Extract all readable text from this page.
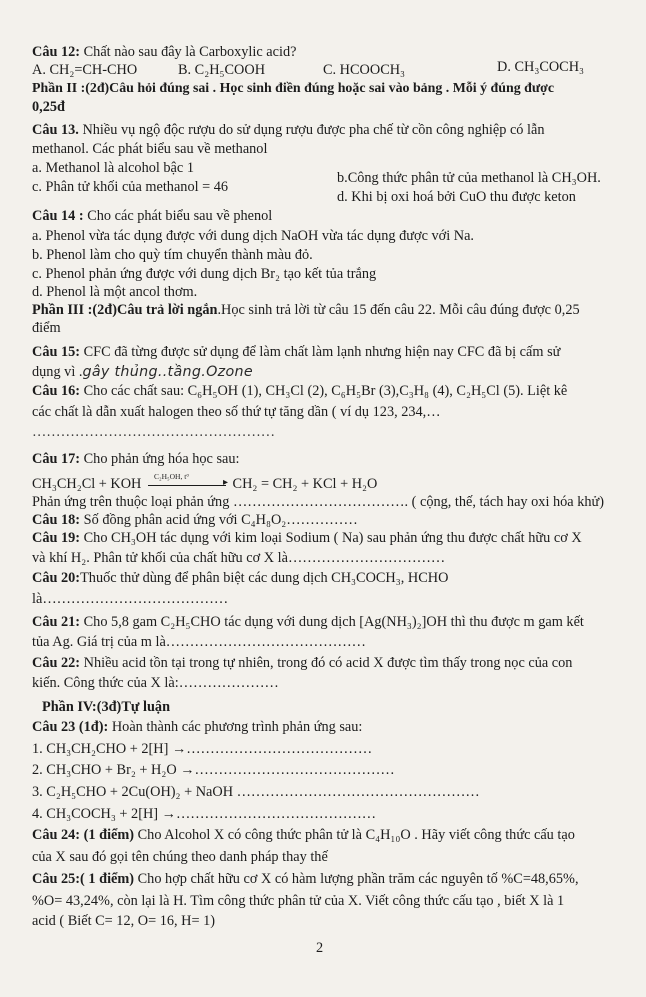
Câu 12: Chất nào sau đây là Carboxylic acid?
A. CH₂=CH-CHO	B. C₂H₅COOH	C. HCOOCH₃	D. CH₃COCH₃
Phần II :(2đ)Câu hỏi đúng sai . Học sinh điền đúng hoặc sai vào bảng . Mỗi ý đúng được
0,25đ
Câu 13. Nhiều vụ ngộ độc rượu do sử dụng rượu được pha chế từ cồn công nghiệp có lẫn
methanol. Các phát biểu sau về methanol
a. Methanol là alcohol bậc 1
b.Công thức phân tử của methanol là CH₃OH.
c. Phân tử khối của methanol = 46
d. Khi bị oxi hoá bởi CuO thu được keton
Câu 14 : Cho các phát biểu sau về phenol
a. Phenol vừa tác dụng được với dung dịch NaOH vừa tác dụng được với Na.
b. Phenol làm cho quỳ tím chuyển thành màu đỏ.
c. Phenol phản ứng được với dung dịch Br₂ tạo kết tủa trắng
d. Phenol là một ancol thơm.
Phần III :(2đ)Câu trả lời ngắn.Học sinh trả lời từ câu 15 đến câu 22. Mỗi câu đúng được 0,25
điểm
Câu 15: CFC đã từng được sử dụng để làm chất làm lạnh nhưng hiện nay CFC đã bị cấm sử
dụng vì .gây thủng..tầng.Ozone
Câu 16: Cho các chất sau: C₆H₅OH (1), CH₃Cl (2), C₆H₅Br (3),C₃H₈ (4), C₂H₅Cl (5). Liệt kê
các chất là dẫn xuất halogen theo số thứ tự tăng dần ( ví dụ 123, 234,…
……………………………………………
Câu 17: Cho phản ứng hóa học sau:
CH₃CH₂Cl + KOH C₂H₅OH, t°
▸ CH₂ = CH₂ + KCl + H₂O
Phản ứng trên thuộc loại phản ứng ………………………………. ( cộng, thế, tách hay oxi hóa khử)
Câu 18: Số đồng phân acid ứng với C₄H₈O₂……………
Câu 19: Cho CH₃OH tác dụng với kim loại Sodium ( Na) sau phản ứng thu được chất hữu cơ X
và khí H₂. Phân tử khối của chất hữu cơ X là……………………………
Câu 20:Thuốc thử dùng để phân biệt các dung dịch CH₃COCH₃, HCHO
là…………………………………
Câu 21: Cho 5,8 gam C₂H₅CHO tác dụng với dung dịch [Ag(NH₃)₂]OH thì thu được m gam kết
tủa Ag. Giá trị của m là……………………………………
Câu 22: Nhiều acid tồn tại trong tự nhiên, trong đó có acid X được tìm thấy trong nọc của con
kiến. Công thức của X là:…………………
Phần IV:(3đ)Tự luận
Câu 23 (1đ): Hoàn thành các phương trình phản ứng sau:
1. CH₃CH₂CHO + 2[H] →…………………………………
2. CH₃CHO + Br₂ + H₂O →……………………………………
3. C₂H₅CHO + 2Cu(OH)₂ + NaOH ……………………………………………
4. CH₃COCH₃ + 2[H] →……………………………………
Câu 24: (1 điểm) Cho Alcohol X có công thức phân tử là C₄H₁₀O . Hãy viết công thức cấu tạo
của X sau đó gọi tên chúng theo danh pháp thay thế
Câu 25:( 1 điểm) Cho hợp chất hữu cơ X có hàm lượng phần trăm các nguyên tố %C=48,65%,
%O= 43,24%, còn lại là H. Tìm công thức phân tử của X. Viết công thức cấu tạo , biết X là 1
acid ( Biết C= 12, O= 16, H= 1)
2
